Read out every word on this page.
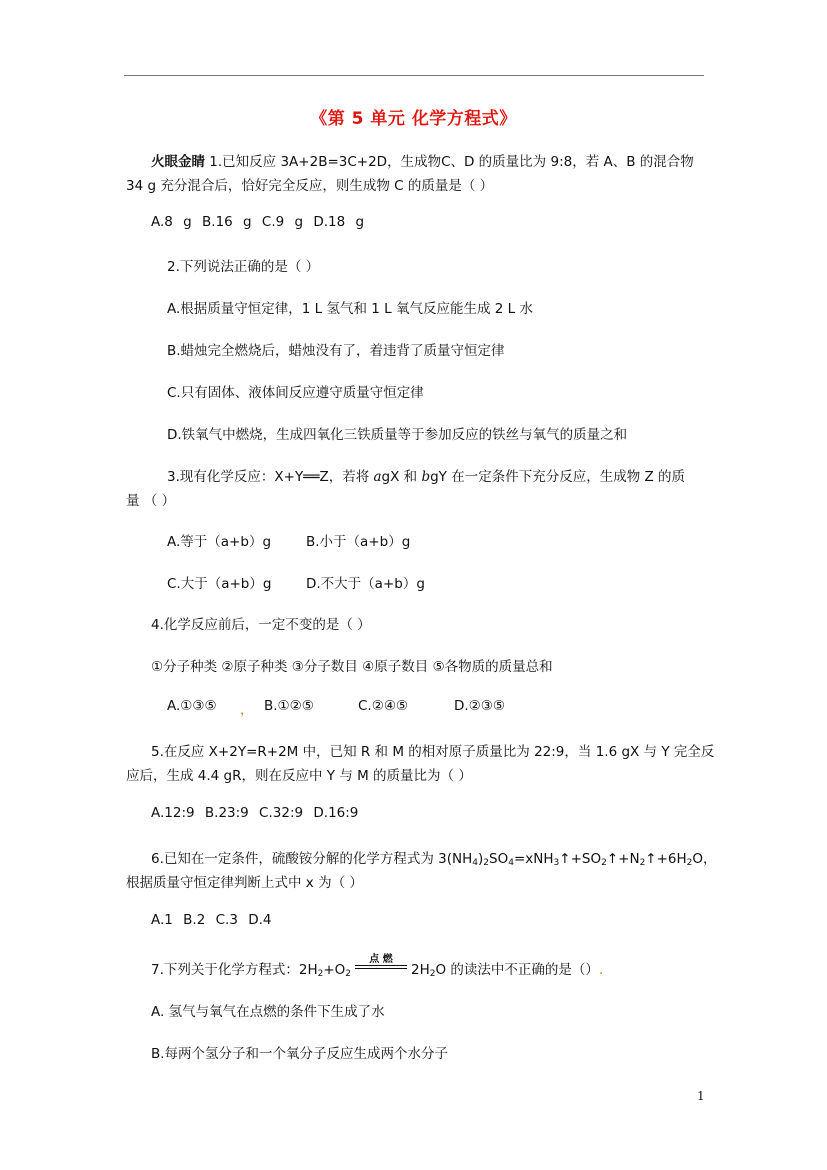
《第 5 单元 化学方程式》
火眼金睛 1.已知反应 3A+2B=3C+2D，生成物C、D 的质量比为 9:8，若 A、B 的混合物
34 g 充分混合后，恰好完全反应，则生成物 C 的质量是（ ）
A.8 g B.16 g C.9 g D.18 g
2.下列说法正确的是（ ）
A.根据质量守恒定律，1 L 氢气和 1 L 氧气反应能生成 2 L 水
B.蜡烛完全燃烧后，蜡烛没有了，着违背了质量守恒定律
C.只有固体、液体间反应遵守质量守恒定律
D.铁氧气中燃烧，生成四氧化三铁质量等于参加反应的铁丝与氧气的质量之和
3.现有化学反应：X+Y══Z，若将 agX 和 bgY 在一定条件下充分反应，生成物 Z 的质
量 （ ）
A.等于（a+b）g	B.小于（a+b）g
C.大于（a+b）g	D.不大于（a+b）g
4.化学反应前后，一定不变的是（ ）
①分子种类 ②原子种类 ③分子数目 ④原子数目 ⑤各物质的质量总和
A.①③⑤ ， B.①②⑤	C.②④⑤	D.②③⑤
5.在反应 X+2Y=R+2M 中，已知 R 和 M 的相对原子质量比为 22:9，当 1.6 gX 与 Y 完全反
应后，生成 4.4 gR，则在反应中 Y 与 M 的质量比为（ ）
A.12:9 B.23:9 C.32:9 D.16:9
6.已知在一定条件，硫酸铵分解的化学方程式为 $3(NH_4)_2SO_4=xNH_3↑+SO_2↑+N_2↑+6H_2O$，
根据质量守恒定律判断上式中 x 为（ ）
A.1 B.2 C.3 D.4
7.下列关于化学方程式：$2H_2+O_2$
点 燃
$2H_2O$ 的读法中不正确的是（）.
A. 氢气与氧气在点燃的条件下生成了水
B.每两个氢分子和一个氧分子反应生成两个水分子
1
